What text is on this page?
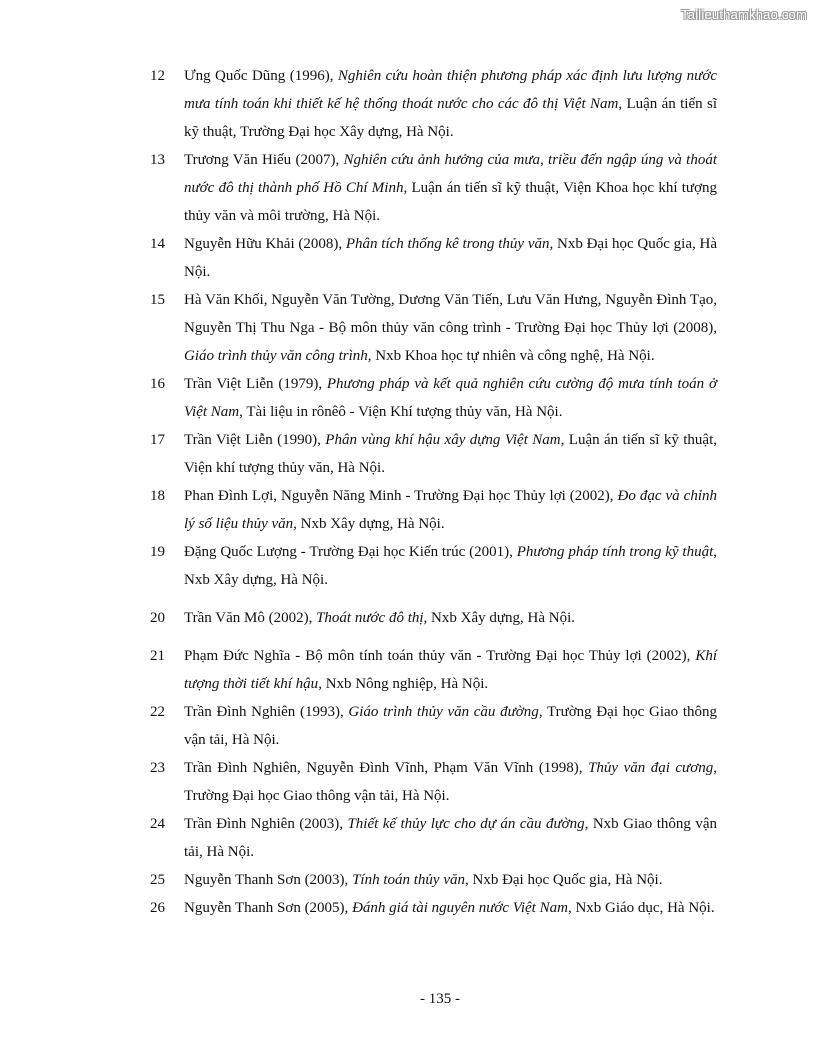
Tailieuthamkhao.com
12 Ưng Quốc Dũng (1996), Nghiên cứu hoàn thiện phương pháp xác định lưu lượng nước mưa tính toán khi thiết kế hệ thống thoát nước cho các đô thị Việt Nam, Luận án tiến sĩ kỹ thuật, Trường Đại học Xây dựng, Hà Nội.
13 Trương Văn Hiếu (2007), Nghiên cứu ảnh hưởng của mưa, triều đến ngập úng và thoát nước đô thị thành phố Hồ Chí Minh, Luận án tiến sĩ kỹ thuật, Viện Khoa học khí tượng thủy văn và môi trường, Hà Nội.
14 Nguyễn Hữu Khải (2008), Phân tích thống kê trong thủy văn, Nxb Đại học Quốc gia, Hà Nội.
15 Hà Văn Khối, Nguyễn Văn Tường, Dương Văn Tiến, Lưu Văn Hưng, Nguyễn Đình Tạo, Nguyễn Thị Thu Nga - Bộ môn thủy văn công trình - Trường Đại học Thủy lợi (2008), Giáo trình thủy văn công trình, Nxb Khoa học tự nhiên và công nghệ, Hà Nội.
16 Trần Việt Liễn (1979), Phương pháp và kết quả nghiên cứu cường độ mưa tính toán ở Việt Nam, Tài liệu in rônêô - Viện Khí tượng thủy văn, Hà Nội.
17 Trần Việt Liễn (1990), Phân vùng khí hậu xây dựng Việt Nam, Luận án tiến sĩ kỹ thuật, Viện khí tượng thủy văn, Hà Nội.
18 Phan Đình Lợi, Nguyễn Năng Minh - Trường Đại học Thủy lợi (2002), Đo đạc và chỉnh lý số liệu thủy văn, Nxb Xây dựng, Hà Nội.
19 Đặng Quốc Lượng - Trường Đại học Kiến trúc (2001), Phương pháp tính trong kỹ thuật, Nxb Xây dựng, Hà Nội.
20 Trần Văn Mô (2002), Thoát nước đô thị, Nxb Xây dựng, Hà Nội.
21 Phạm Đức Nghĩa - Bộ môn tính toán thủy văn - Trường Đại học Thủy lợi (2002), Khí tượng thời tiết khí hậu, Nxb Nông nghiệp, Hà Nội.
22 Trần Đình Nghiên (1993), Giáo trình thủy văn cầu đường, Trường Đại học Giao thông vận tải, Hà Nội.
23 Trần Đình Nghiên, Nguyễn Đình Vĩnh, Phạm Văn Vĩnh (1998), Thủy văn đại cương, Trường Đại học Giao thông vận tải, Hà Nội.
24 Trần Đình Nghiên (2003), Thiết kế thủy lực cho dự án cầu đường, Nxb Giao thông vận tải, Hà Nội.
25 Nguyễn Thanh Sơn (2003), Tính toán thủy văn, Nxb Đại học Quốc gia, Hà Nội.
26 Nguyễn Thanh Sơn (2005), Đánh giá tài nguyên nước Việt Nam, Nxb Giáo dục, Hà Nội.
- 135 -
